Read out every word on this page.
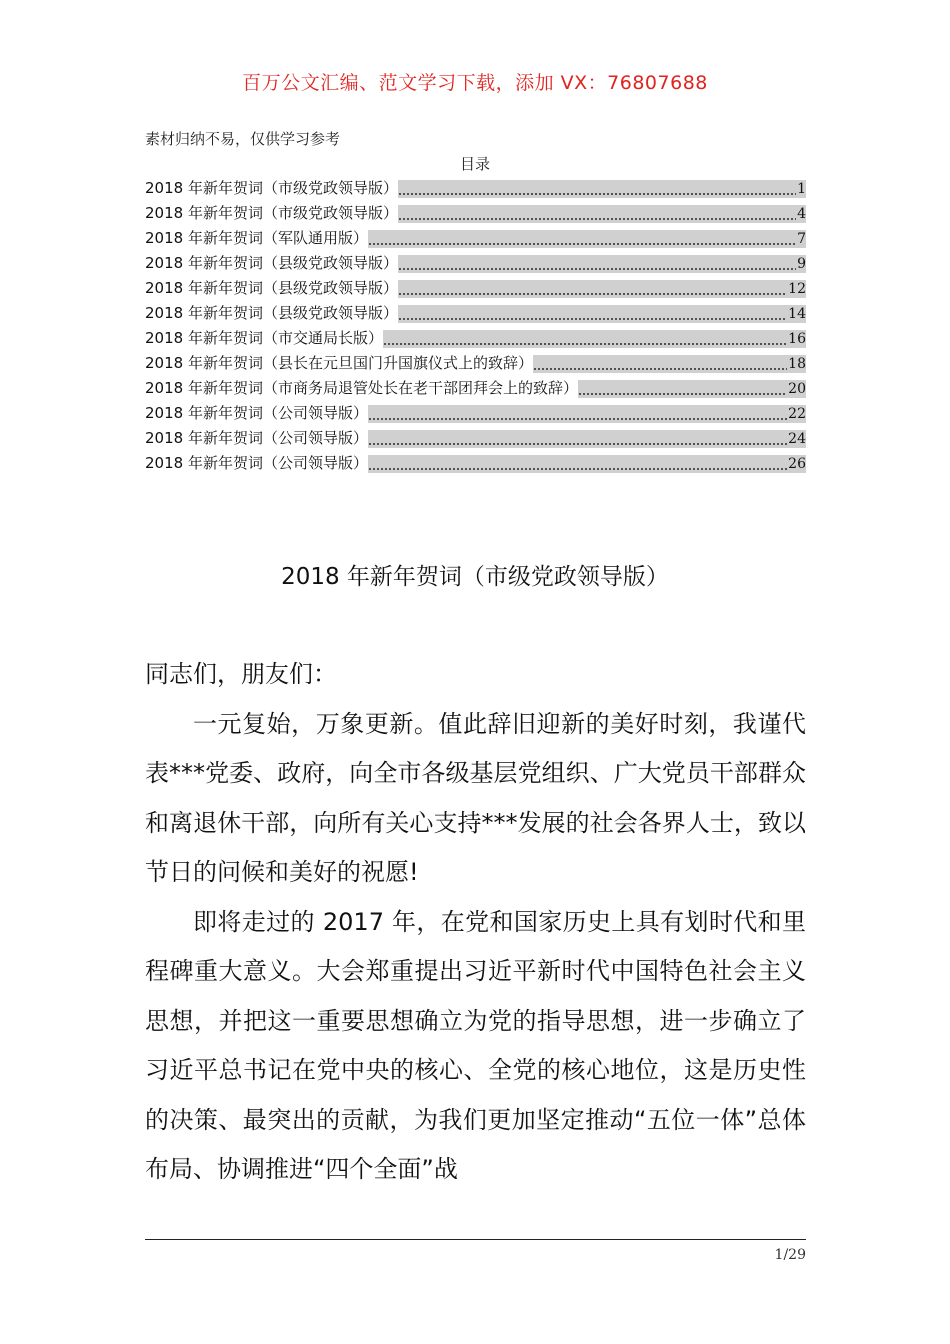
百万公文汇编、范文学习下载，添加 VX：76807688
素材归纳不易，仅供学习参考
目录
2018 年新年贺词（市级党政领导版）	1
2018 年新年贺词（市级党政领导版）	4
2018 年新年贺词（军队通用版）	7
2018 年新年贺词（县级党政领导版）	9
2018 年新年贺词（县级党政领导版）	12
2018 年新年贺词（县级党政领导版）	14
2018 年新年贺词（市交通局长版）	16
2018 年新年贺词（县长在元旦国门升国旗仪式上的致辞）	18
2018 年新年贺词（市商务局退管处长在老干部团拜会上的致辞）	20
2018 年新年贺词（公司领导版）	22
2018 年新年贺词（公司领导版）	24
2018 年新年贺词（公司领导版）	26
2018 年新年贺词（市级党政领导版）

同志们，朋友们：

一元复始，万象更新。值此辞旧迎新的美好时刻，我谨代表***党委、政府，向全市各级基层党组织、广大党员干部群众和离退休干部，向所有关心支持***发展的社会各界人士，致以节日的问候和美好的祝愿!

即将走过的 2017 年，在党和国家历史上具有划时代和里程碑重大意义。大会郑重提出习近平新时代中国特色社会主义思想，并把这一重要思想确立为党的指导思想，进一步确立了习近平总书记在党中央的核心、全党的核心地位，这是历史性的决策、最突出的贡献，为我们更加坚定推动“五位一体”总体布局、协调推进“四个全面”战

1/29
